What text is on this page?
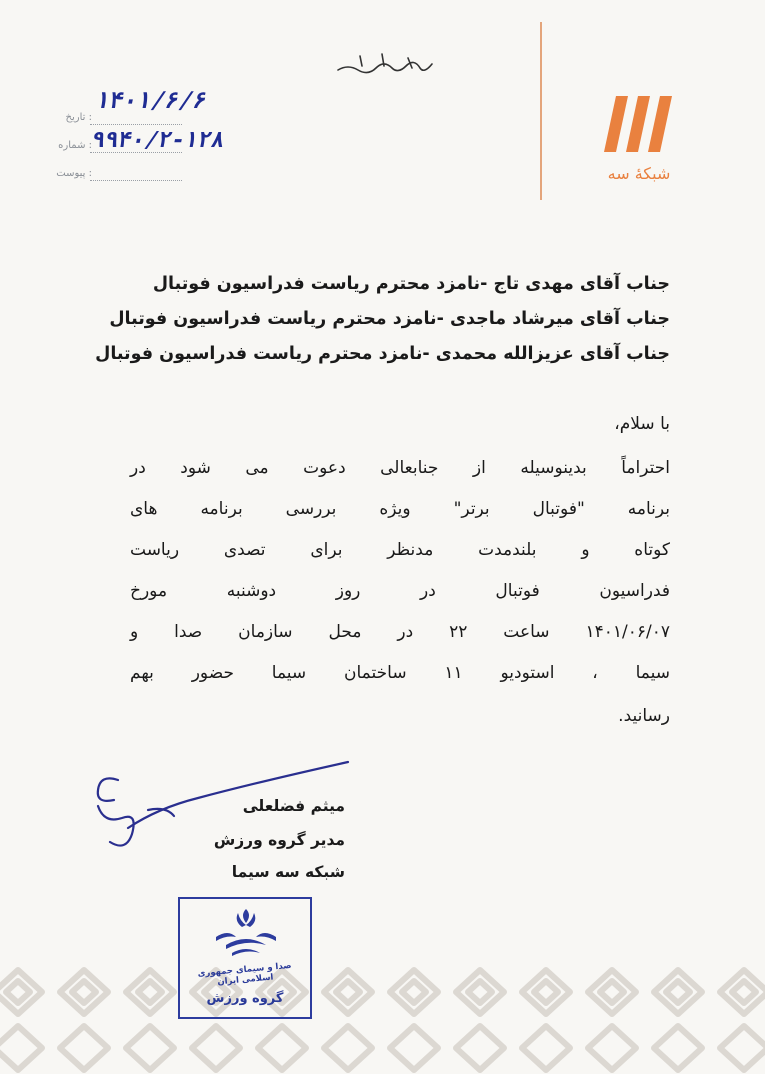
شبکهٔ سه
: تاریخ
۱۴۰۱/۶/۶
: شماره
۹۹۴۰/۲-۱۲۸
: پیوست
جناب آقای مهدی تاج -نامزد محترم ریاست فدراسیون فوتبال
جناب آقای میرشاد ماجدی -نامزد محترم ریاست فدراسیون فوتبال
جناب آقای عزیزالله محمدی -نامزد محترم ریاست فدراسیون فوتبال
با سلام،
احتراماً بدینوسیله از جنابعالی دعوت می شود در
برنامه "فوتبال برتر" ویژه بررسی برنامه های
کوتاه و بلندمدت مدنظر برای تصدی ریاست
فدراسیون فوتبال در روز دوشنبه مورخ
۱۴۰۱/۰۶/۰۷ ساعت ۲۲ در محل سازمان صدا و
سیما ، استودیو ۱۱ ساختمان سیما حضور بهم
رسانید.
میثم فضلعلی
مدیر گروه ورزش
شبکه سه سیما
صدا و سیمای جمهوری اسلامی ایران
گروه ورزش
